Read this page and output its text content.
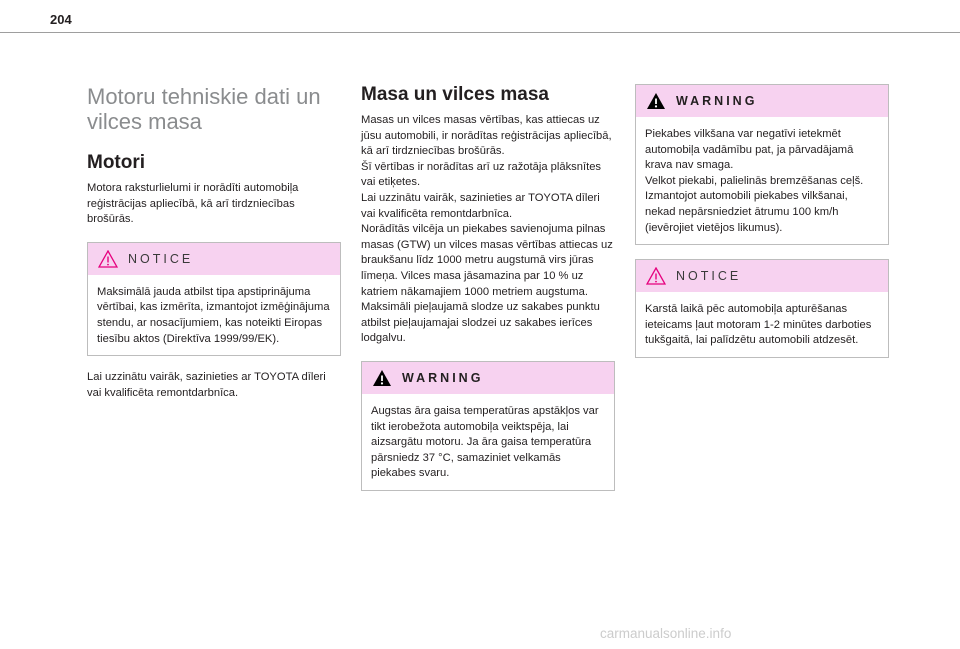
204
Motoru tehniskie dati un vilces masa
Motori

Motora raksturlielumi ir norādīti automobiļa reģistrācijas apliecībā, kā arī tirdzniecības brošūrās.

NOTICE

Maksimālā jauda atbilst tipa apstiprinājuma vērtībai, kas izmērīta, izmantojot izmēģinājuma stendu, ar nosacījumiem, kas noteikti Eiropas tiesību aktos (Direktīva 1999/99/EK).

Lai uzzinātu vairāk, sazinieties ar TOYOTA dīleri vai kvalificēta remontdarbnīca.

Masa un vilces masa

Masas un vilces masas vērtības, kas attiecas uz jūsu automobili, ir norādītas reģistrācijas apliecībā, kā arī tirdzniecības brošūrās.
Šī vērtības ir norādītas arī uz ražotāja plāksnītes vai etiķetes.
Lai uzzinātu vairāk, sazinieties ar TOYOTA dīleri vai kvalificēta remontdarbnīca.
Norādītās vilcēja un piekabes savienojuma pilnas masas (GTW) un vilces masas vērtības attiecas uz braukšanu līdz 1000 metru augstumā virs jūras līmeņa. Vilces masa jāsamazina par 10 % uz katriem nākamajiem 1000 metriem augstuma.
Maksimāli pieļaujamā slodze uz sakabes punktu atbilst pieļaujamajai slodzei uz sakabes ierīces lodgalvu.

WARNING

Augstas āra gaisa temperatūras apstākļos var tikt ierobežota automobiļa veiktspēja, lai aizsargātu motoru. Ja āra gaisa temperatūra pārsniedz 37 °C, samaziniet velkamās piekabes svaru.

WARNING

Piekabes vilkšana var negatīvi ietekmēt automobiļa vadāmību pat, ja pārvadājamā krava nav smaga.
Velkot piekabi, palielinās bremzēšanas ceļš.
Izmantojot automobili piekabes vilkšanai, nekad nepārsniedziet ātrumu 100 km/h (ievērojiet vietējos likumus).

NOTICE

Karstā laikā pēc automobiļa apturēšanas ieteicams ļaut motoram 1-2 minūtes darboties tukšgaitā, lai palīdzētu automobili atdzesēt.

carmanualsonline.info
